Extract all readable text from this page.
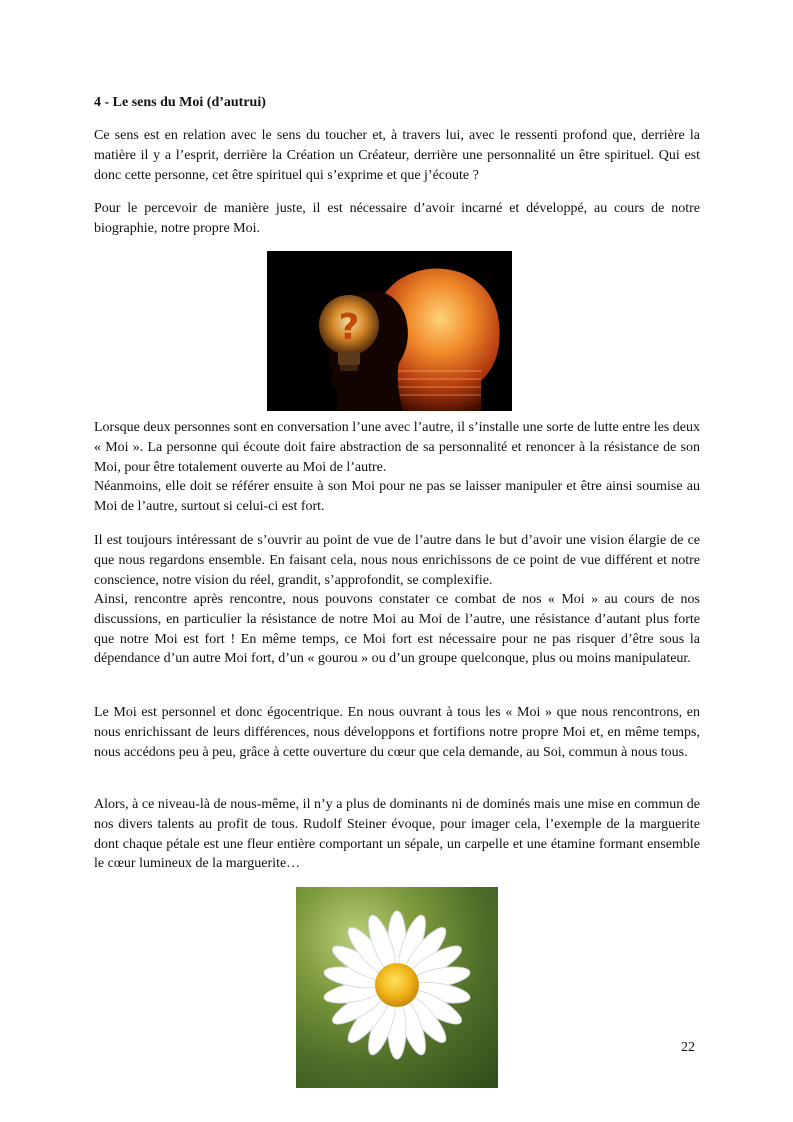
4 - Le sens du Moi (d’autrui)

Ce sens est en relation avec le sens du toucher et, à travers lui, avec le ressenti profond que, derrière la matière il y a l’esprit, derrière la Création un Créateur, derrière une personnalité un être spirituel. Qui est donc cette personne, cet être spirituel qui s’exprime et que j’écoute ?

Pour le percevoir de manière juste, il est nécessaire d’avoir incarné et développé, au cours de notre biographie, notre propre Moi.

?

Lorsque deux personnes sont en conversation l’une avec l’autre, il s’installe une sorte de lutte entre les deux « Moi ». La personne qui écoute doit faire abstraction de sa personnalité et renoncer à la résistance de son Moi, pour être totalement ouverte au Moi de l’autre.

Néanmoins, elle doit se référer ensuite à son Moi pour ne pas se laisser manipuler et être ainsi soumise au Moi de l’autre, surtout si celui-ci est fort.

Il est toujours intéressant de s’ouvrir au point de vue de l’autre dans le but d’avoir une vision élargie de ce que nous regardons ensemble. En faisant cela, nous nous enrichissons de ce point de vue différent et notre conscience, notre vision du réel, grandit, s’approfondit, se complexifie.

Ainsi, rencontre après rencontre, nous pouvons constater ce combat de nos « Moi » au cours de nos discussions, en particulier la résistance de notre Moi au Moi de l’autre, une résistance d’autant plus forte que notre Moi est fort ! En même temps, ce Moi fort est nécessaire pour ne pas risquer d’être sous la dépendance d’un autre Moi fort, d’un « gourou » ou d’un groupe quelconque, plus ou moins manipulateur.

Le Moi est personnel et donc égocentrique. En nous ouvrant à tous les « Moi » que nous rencontrons, en nous enrichissant de leurs différences, nous développons et fortifions notre propre Moi et, en même temps, nous accédons peu à peu, grâce à cette ouverture du cœur que cela demande, au Soi, commun à nous tous.

Alors, à ce niveau-là de nous-même, il n’y a plus de dominants ni de dominés mais une mise en commun de nos divers talents au profit de tous. Rudolf Steiner évoque, pour imager cela, l’exemple de la marguerite dont chaque pétale est une fleur entière comportant un sépale, un carpelle et une étamine formant ensemble le cœur lumineux de la marguerite…

22
